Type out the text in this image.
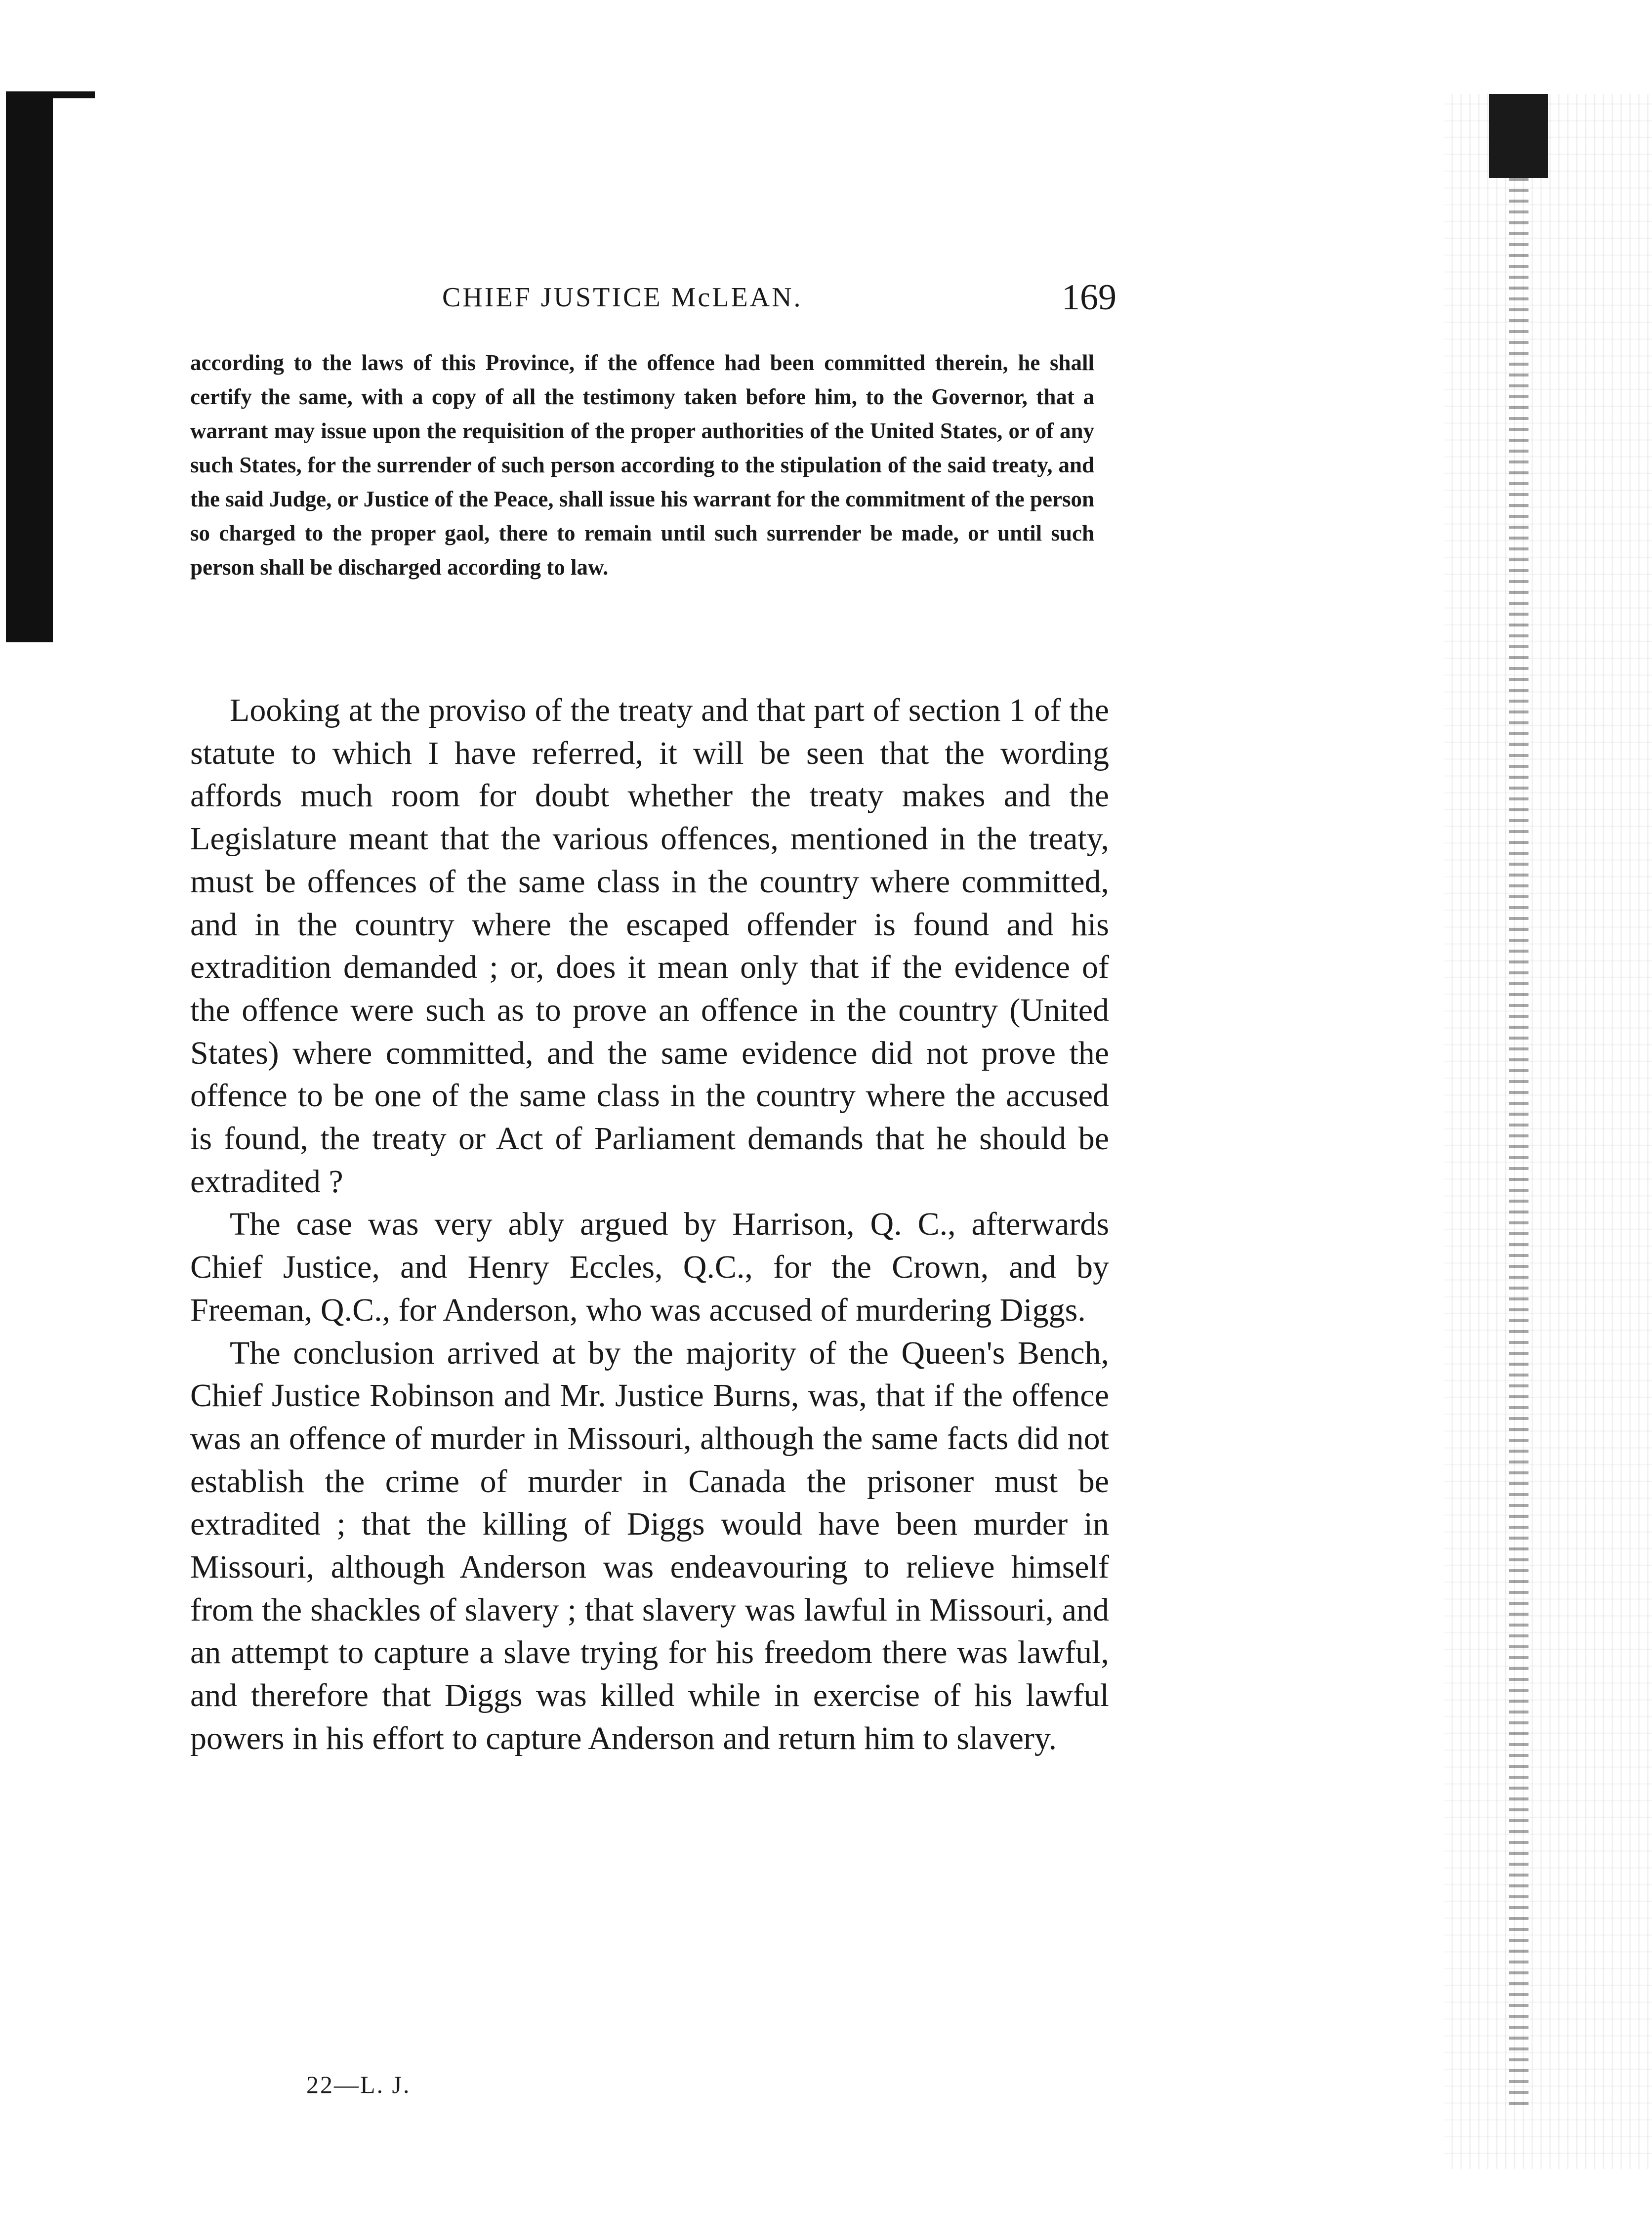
CHIEF JUSTICE McLEAN.	169

according to the laws of this Province, if the offence had been committed therein, he shall certify the same, with a copy of all the testimony taken before him, to the Governor, that a warrant may issue upon the requisition of the proper authorities of the United States, or of any such States, for the surrender of such person according to the stipulation of the said treaty, and the said Judge, or Justice of the Peace, shall issue his warrant for the commitment of the person so charged to the proper gaol, there to remain until such surrender be made, or until such person shall be discharged according to law.

Looking at the proviso of the treaty and that part of section 1 of the statute to which I have referred, it will be seen that the wording affords much room for doubt whether the treaty makes and the Legislature meant that the various offences, mentioned in the treaty, must be offences of the same class in the country where committed, and in the country where the escaped offender is found and his extradition demanded ; or, does it mean only that if the evidence of the offence were such as to prove an offence in the country (United States) where committed, and the same evidence did not prove the offence to be one of the same class in the country where the accused is found, the treaty or Act of Parliament demands that he should be extradited ?

The case was very ably argued by Harrison, Q. C., afterwards Chief Justice, and Henry Eccles, Q.C., for the Crown, and by Freeman, Q.C., for Anderson, who was accused of murdering Diggs.

The conclusion arrived at by the majority of the Queen's Bench, Chief Justice Robinson and Mr. Justice Burns, was, that if the offence was an offence of murder in Missouri, although the same facts did not establish the crime of murder in Canada the prisoner must be extradited ; that the killing of Diggs would have been murder in Missouri, although Anderson was endeavouring to relieve himself from the shackles of slavery ; that slavery was lawful in Missouri, and an attempt to capture a slave trying for his freedom there was lawful, and therefore that Diggs was killed while in exercise of his lawful powers in his effort to capture Anderson and return him to slavery.

22—L. J.
